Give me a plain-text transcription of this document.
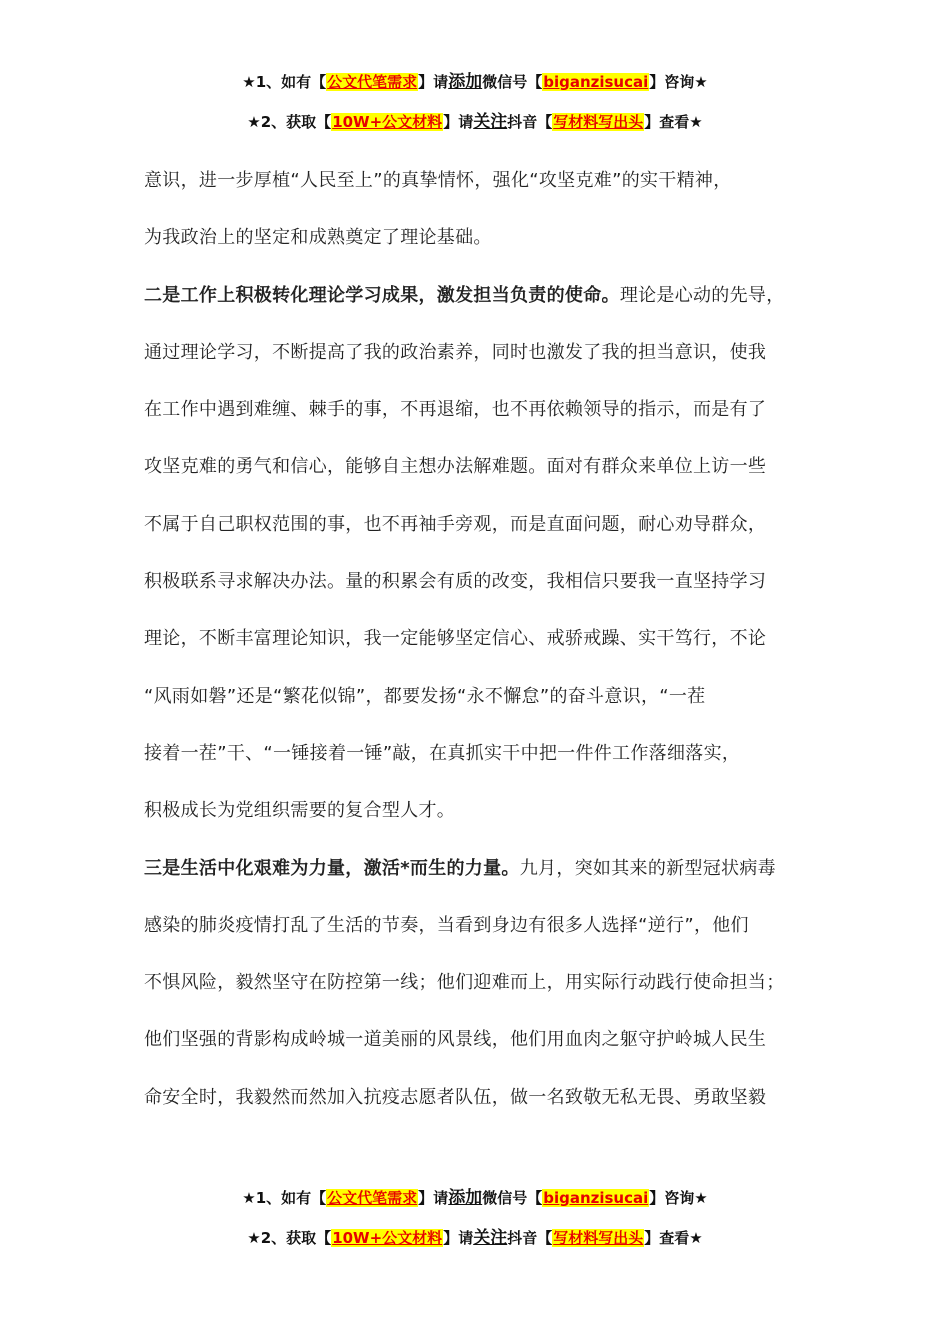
★1、如有【公文代笔需求】请添加微信号【biganzisucai】咨询★
★2、获取【10W+公文材料】请关注抖音【写材料写出头】查看★
意识，进一步厚植“人民至上”的真挚情怀，强化“攻坚克难”的实干精神，
为我政治上的坚定和成熟奠定了理论基础。
二是工作上积极转化理论学习成果，激发担当负责的使命。理论是心动的先导，
通过理论学习，不断提高了我的政治素养，同时也激发了我的担当意识，使我
在工作中遇到难缠、棘手的事，不再退缩，也不再依赖领导的指示，而是有了
攻坚克难的勇气和信心，能够自主想办法解难题。面对有群众来单位上访一些
不属于自己职权范围的事，也不再袖手旁观，而是直面问题，耐心劝导群众，
积极联系寻求解决办法。量的积累会有质的改变，我相信只要我一直坚持学习
理论，不断丰富理论知识，我一定能够坚定信心、戒骄戒躁、实干笃行，不论
“风雨如磐”还是“繁花似锦”，都要发扬“永不懈怠”的奋斗意识，“一茬
接着一茬”干、“一锤接着一锤”敲，在真抓实干中把一件件工作落细落实，
积极成长为党组织需要的复合型人才。
三是生活中化艰难为力量，激活*而生的力量。九月，突如其来的新型冠状病毒
感染的肺炎疫情打乱了生活的节奏，当看到身边有很多人选择“逆行”，他们
不惧风险，毅然坚守在防控第一线；他们迎难而上，用实际行动践行使命担当；
他们坚强的背影构成岭城一道美丽的风景线，他们用血肉之躯守护岭城人民生
命安全时，我毅然而然加入抗疫志愿者队伍，做一名致敬无私无畏、勇敢坚毅
★1、如有【公文代笔需求】请添加微信号【biganzisucai】咨询★
★2、获取【10W+公文材料】请关注抖音【写材料写出头】查看★
